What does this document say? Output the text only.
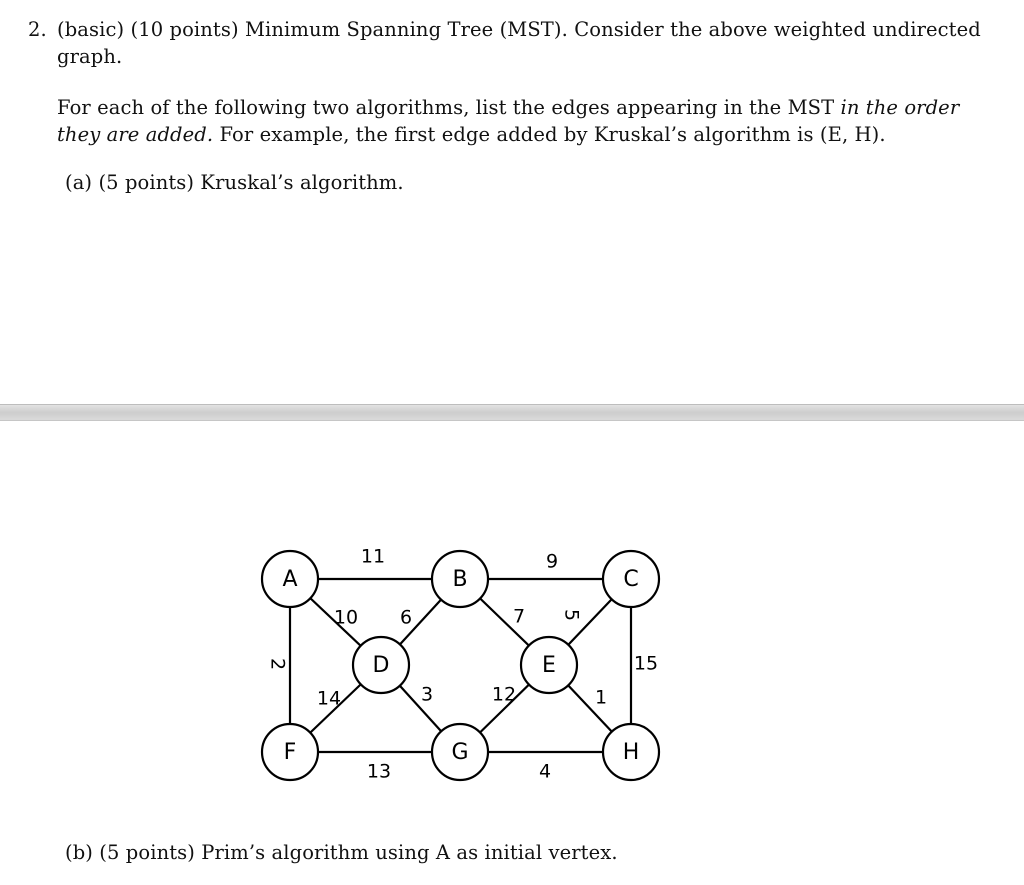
2. (basic) (10 points) Minimum Spanning Tree (MST). Consider the above weighted undirected
graph.
For each of the following two algorithms, list the edges appearing in the MST in the order
they are added. For example, the first edge added by Kruskal’s algorithm is (E, H).
(a) (5 points) Kruskal’s algorithm.
(b) (5 points) Prim’s algorithm using A as initial vertex.
A	B	C
D	E
F	G	H
11	9
10 6	7 5
2	15
14	3	12	1
13	4
